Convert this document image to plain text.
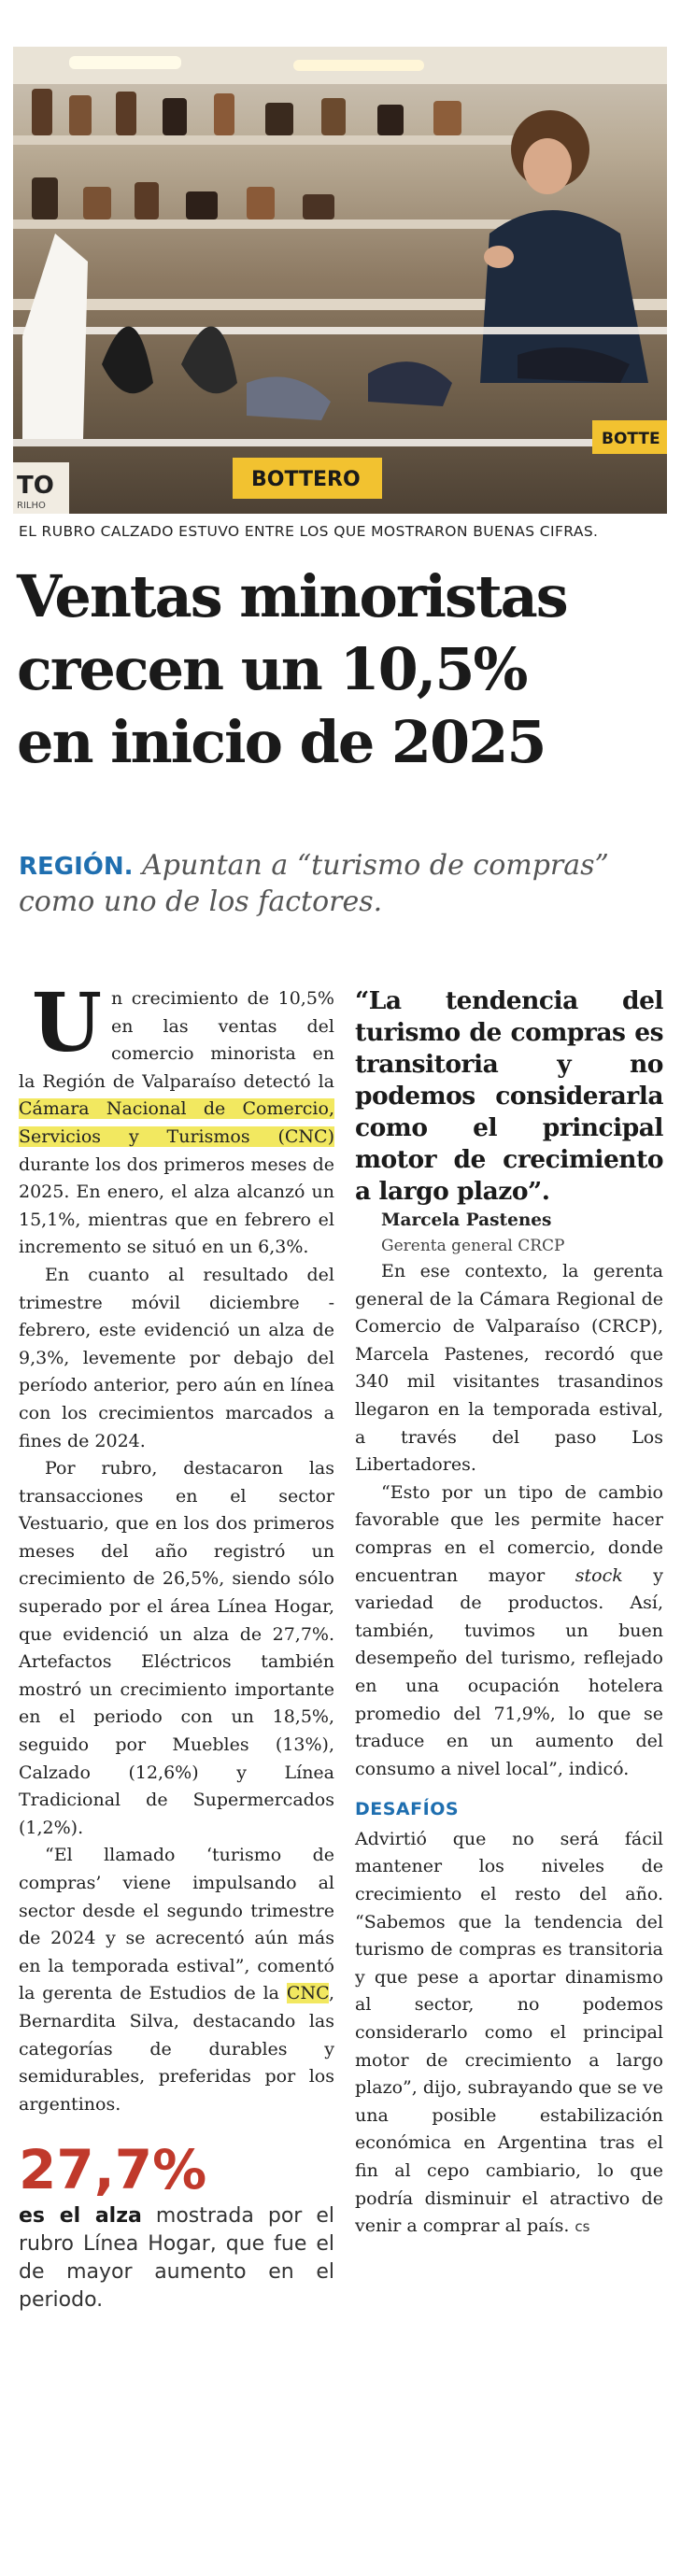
TO
RILHO
BOTTERO
BOTTE
EL RUBRO CALZADO ESTUVO ENTRE LOS QUE MOSTRARON BUENAS CIFRAS.
Ventas minoristas
crecen un 10,5%
en inicio de 2025

REGIÓN. Apuntan a “turismo de compras” como uno de los factores.

Un crecimiento de 10,5% en las ventas del comercio minorista en la Región de Valparaíso detectó la Cámara Nacional de Comercio, Servicios y Turismos (CNC) durante los dos primeros meses de 2025. En enero, el alza alcanzó un 15,1%, mientras que en febrero el incremento se situó en un 6,3%.

En cuanto al resultado del trimestre móvil diciembre - febrero, este evidenció un alza de 9,3%, levemente por debajo del período anterior, pero aún en línea con los crecimientos marcados a fines de 2024.

Por rubro, destacaron las transacciones en el sector Vestuario, que en los dos primeros meses del año registró un crecimiento de 26,5%, siendo sólo superado por el área Línea Hogar, que evidenció un alza de 27,7%. Artefactos Eléctricos también mostró un crecimiento importante en el periodo con un 18,5%, seguido por Muebles (13%), Calzado (12,6%) y Línea Tradicional de Supermercados (1,2%).

“El llamado ‘turismo de compras’ viene impulsando al sector desde el segundo trimestre de 2024 y se acrecentó aún más en la temporada estival”, comentó la gerenta de Estudios de la CNC, Bernardita Silva, destacando las categorías de durables y semidurables, preferidas por los argentinos.

27,7%

es el alza mostrada por el rubro Línea Hogar, que fue el de mayor aumento en el periodo.

“La tendencia del turismo de compras es transitoria y no podemos considerarla como el principal motor de crecimiento a largo plazo”.

Marcela Pastenes

Gerenta general CRCP

En ese contexto, la gerenta general de la Cámara Regional de Comercio de Valparaíso (CRCP), Marcela Pastenes, recordó que 340 mil visitantes trasandinos llegaron en la temporada estival, a través del paso Los Libertadores.

“Esto por un tipo de cambio favorable que les permite hacer compras en el comercio, donde encuentran mayor stock y variedad de productos. Así, también, tuvimos un buen desempeño del turismo, reflejado en una ocupación hotelera promedio del 71,9%, lo que se traduce en un aumento del consumo a nivel local”, indicó.

DESAFÍOS

Advirtió que no será fácil mantener los niveles de crecimiento el resto del año. “Sabemos que la tendencia del turismo de compras es transitoria y que pese a aportar dinamismo al sector, no podemos considerarlo como el principal motor de crecimiento a largo plazo”, dijo, subrayando que se ve una posible estabilización económica en Argentina tras el fin al cepo cambiario, lo que podría disminuir el atractivo de venir a comprar al país. cs
